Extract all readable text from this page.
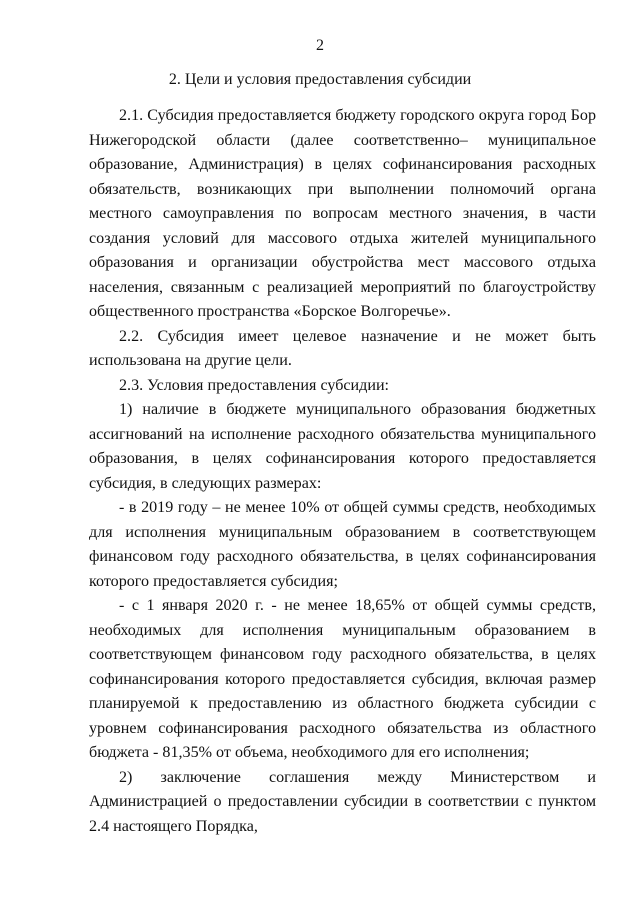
2
2. Цели и условия предоставления субсидии

2.1. Субсидия предоставляется бюджету городского округа город Бор Нижегородской области (далее соответственно– муниципальное образование, Администрация) в целях софинансирования расходных обязательств, возникающих при выполнении полномочий органа местного самоуправления по вопросам местного значения, в части создания условий для массового отдыха жителей муниципального образования и организации обустройства мест массового отдыха населения, связанным с реализацией мероприятий по благоустройству общественного пространства «Борское Волгоречье».

2.2. Субсидия имеет целевое назначение и не может быть использована на другие цели.

2.3. Условия предоставления субсидии:

1) наличие в бюджете муниципального образования бюджетных ассигнований на исполнение расходного обязательства муниципального образования, в целях софинансирования которого предоставляется субсидия, в следующих размерах:

- в 2019 году – не менее 10% от общей суммы средств, необходимых для исполнения муниципальным образованием в соответствующем финансовом году расходного обязательства, в целях софинансирования которого предоставляется субсидия;

- с 1 января 2020 г. - не менее 18,65% от общей суммы средств, необходимых для исполнения муниципальным образованием в соответствующем финансовом году расходного обязательства, в целях софинансирования которого предоставляется субсидия, включая размер планируемой к предоставлению из областного бюджета субсидии с уровнем софинансирования расходного обязательства из областного бюджета - 81,35% от объема, необходимого для его исполнения;

2) заключение соглашения между Министерством и Администрацией о предоставлении субсидии в соответствии с пунктом 2.4 настоящего Порядка,
